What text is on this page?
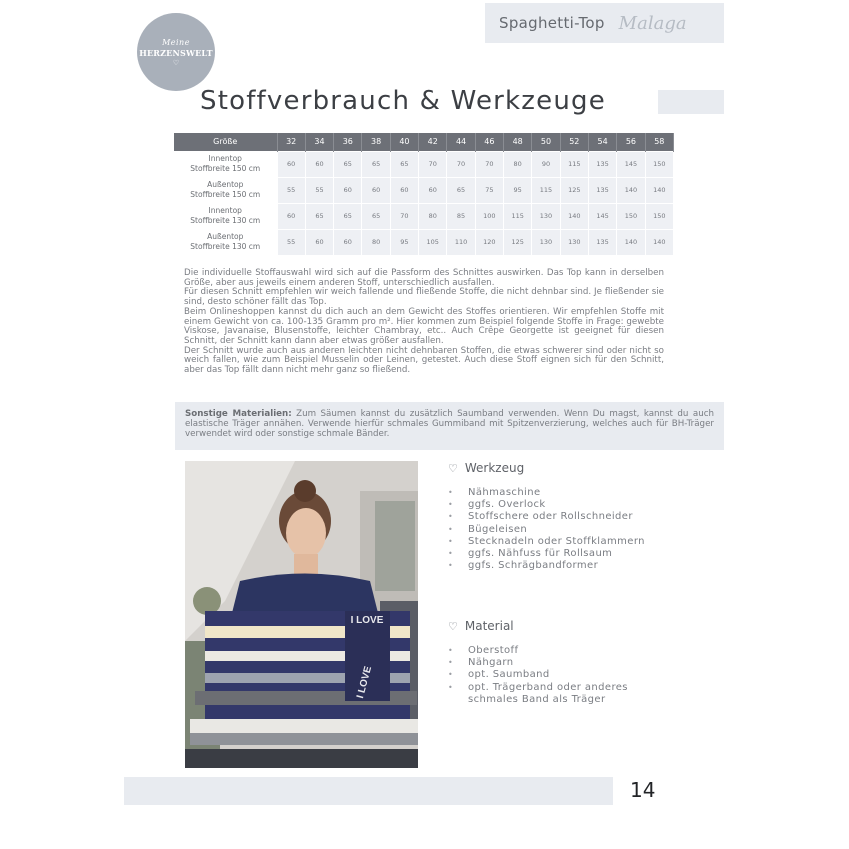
Meine
HERZENSWELT
♡
Spaghetti-Top Malaga
Stoffverbrauch & Werkzeuge
Größe	32	34	36	38	40	42	44	46	48	50	52	54	56	58

Innentop
Stoffbreite 150 cm	60	60	65	65	65	70	70	70	80	90	115	135	145	150

Außentop
Stoffbreite 150 cm	55	55	60	60	60	60	65	75	95	115	125	135	140	140

Innentop
Stoffbreite 130 cm	60	65	65	65	70	80	85	100	115	130	140	145	150	150

Außentop
Stoffbreite 130 cm	55	60	60	80	95	105	110	120	125	130	130	135	140	140

Die individuelle Stoffauswahl wird sich auf die Passform des Schnittes auswirken. Das Top kann in derselben Größe, aber aus jeweils einem anderen Stoff, unterschiedlich ausfallen.

Für diesen Schnitt empfehlen wir weich fallende und fließende Stoffe, die nicht dehnbar sind. Je fließender sie sind, desto schöner fällt das Top.

Beim Onlineshoppen kannst du dich auch an dem Gewicht des Stoffes orientieren. Wir empfehlen Stoffe mit einem Gewicht von ca. 100-135 Gramm pro m². Hier kommen zum Beispiel folgende Stoffe in Frage: gewebte Viskose, Javanaise, Blusenstoffe, leichter Chambray, etc.. Auch Crêpe Georgette ist geeignet für diesen Schnitt, der Schnitt kann dann aber etwas größer ausfallen.

Der Schnitt wurde auch aus anderen leichten nicht dehnbaren Stoffen, die etwas schwerer sind oder nicht so weich fallen, wie zum Beispiel Musselin oder Leinen, getestet. Auch diese Stoff eignen sich für den Schnitt, aber das Top fällt dann nicht mehr ganz so fließend.

Sonstige Materialien: Zum Säumen kannst du zusätzlich Saumband verwenden. Wenn Du magst, kannst du auch elastische Träger annähen. Verwende hierfür schmales Gummiband mit Spitzenverzierung, welches auch für BH-Träger verwendet wird oder sonstige schmale Bänder.
I LOVE
I LOVE
♡ Werkzeug
•	Nähmaschine
•	ggfs. Overlock
•	Stoffschere oder Rollschneider
•	Bügeleisen
•	Stecknadeln oder Stoffklammern
•	ggfs. Nähfuss für Rollsaum
•	ggfs. Schrägbandformer
♡ Material
•	Oberstoff
•	Nähgarn
•	opt. Saumband
•	opt. Trägerband oder anderes schmales Band als Träger
14
